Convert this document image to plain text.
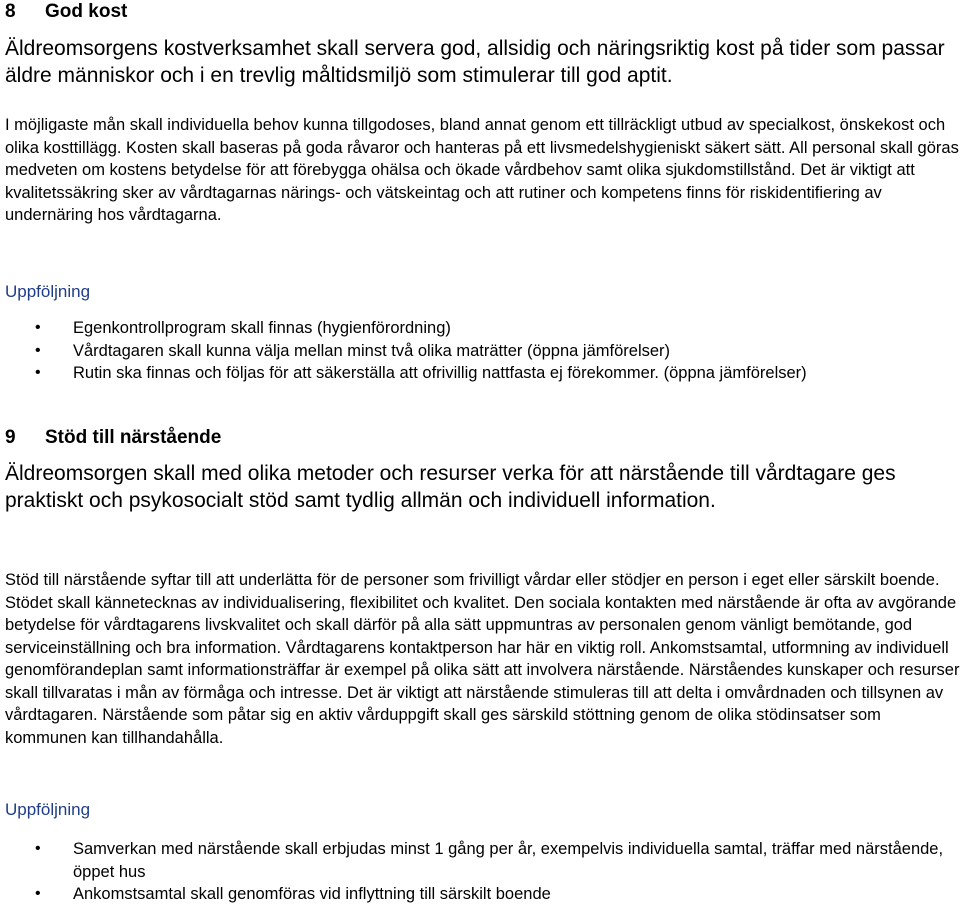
8	God kost

Äldreomsorgens kostverksamhet skall servera god, allsidig och näringsriktig kost på tider som passar äldre människor och i en trevlig måltidsmiljö som stimulerar till god aptit.

I möjligaste mån skall individuella behov kunna tillgodoses, bland annat genom ett tillräckligt utbud av specialkost, önskekost och olika kosttillägg. Kosten skall baseras på goda råvaror och hanteras på ett livsmedelshygieniskt säkert sätt. All personal skall göras medveten om kostens betydelse för att förebygga ohälsa och ökade vårdbehov samt olika sjukdomstillstånd. Det är viktigt att kvalitetssäkring sker av vårdtagarnas närings- och vätskeintag och att rutiner och kompetens finns för riskidentifiering av undernäring hos vårdtagarna.

Uppföljning
• Egenkontrollprogram skall finnas (hygienförordning)
• Vårdtagaren skall kunna välja mellan minst två olika maträtter (öppna jämförelser)
• Rutin ska finnas och följas för att säkerställa att ofrivillig nattfasta ej förekommer. (öppna jämförelser)
9	Stöd till närstående

Äldreomsorgen skall med olika metoder och resurser verka för att närstående till vårdtagare ges praktiskt och psykosocialt stöd samt tydlig allmän och individuell information.

Stöd till närstående syftar till att underlätta för de personer som frivilligt vårdar eller stödjer en person i eget eller särskilt boende. Stödet skall kännetecknas av individualisering, flexibilitet och kvalitet. Den sociala kontakten med närstående är ofta av avgörande betydelse för vårdtagarens livskvalitet och skall därför på alla sätt uppmuntras av personalen genom vänligt bemötande, god serviceinställning och bra information. Vårdtagarens kontaktperson har här en viktig roll. Ankomstsamtal, utformning av individuell genomförandeplan samt informationsträffar är exempel på olika sätt att involvera närstående. Närståendes kunskaper och resurser skall tillvaratas i mån av förmåga och intresse. Det är viktigt att närstående stimuleras till att delta i omvårdnaden och tillsynen av vårdtagaren. Närstående som påtar sig en aktiv vårduppgift skall ges särskild stöttning genom de olika stödinsatser som kommunen kan tillhandahålla.

Uppföljning
• Samverkan med närstående skall erbjudas minst 1 gång per år, exempelvis individuella samtal, träffar med närstående, öppet hus
• Ankomstsamtal skall genomföras vid inflyttning till särskilt boende
